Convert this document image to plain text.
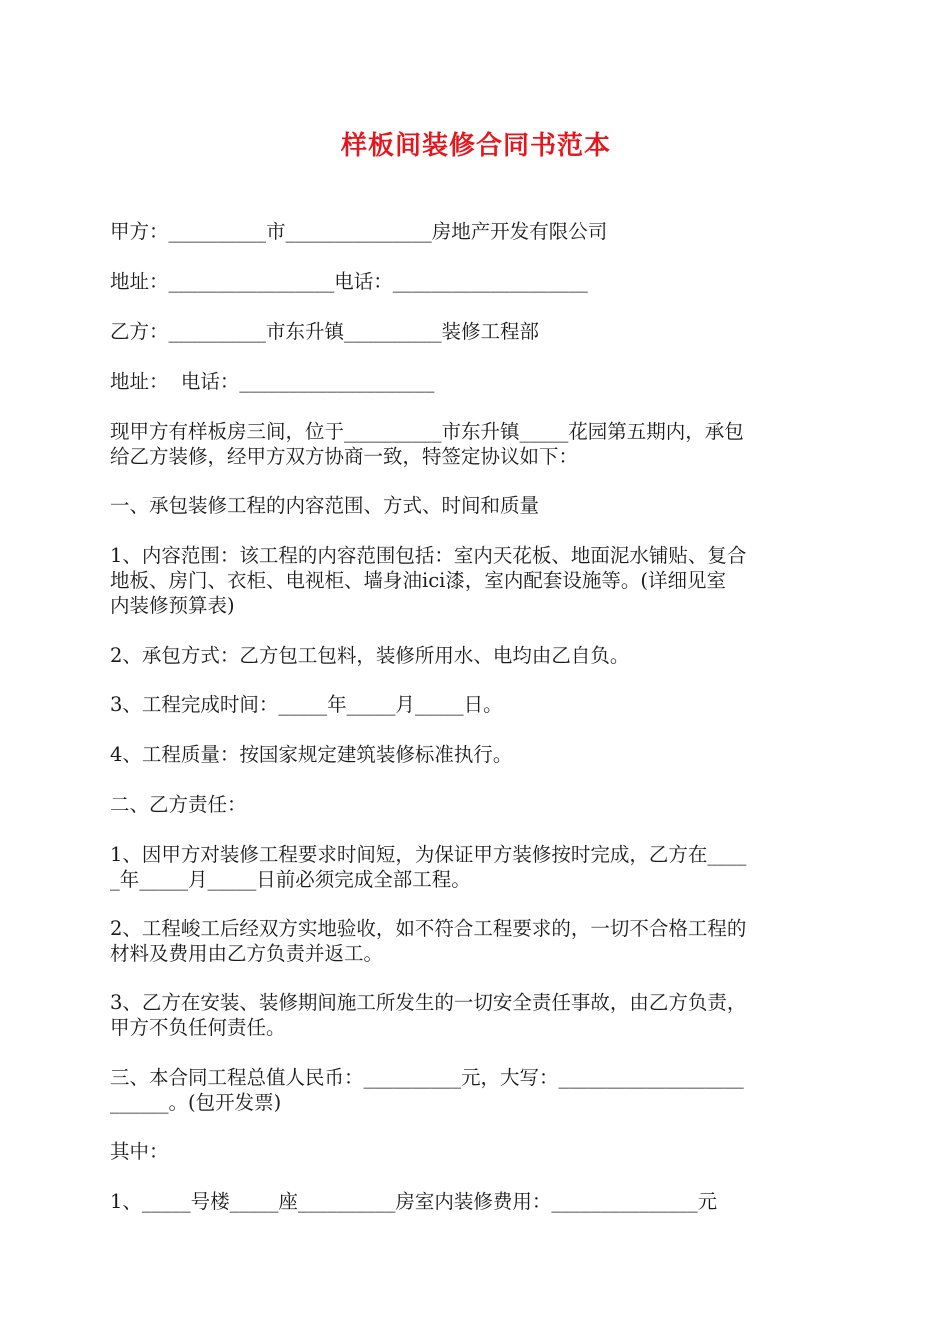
样板间装修合同书范本

甲方：__________市_______________房地产开发有限公司

地址：_________________电话：____________________

乙方：__________市东升镇__________装修工程部

地址：  电话：____________________

现甲方有样板房三间，位于__________市东升镇_____花园第五期内，承包
给乙方装修，经甲方双方协商一致，特签定协议如下：

一、承包装修工程的内容范围、方式、时间和质量

1、内容范围：该工程的内容范围包括：室内天花板、地面泥水铺贴、复合
地板、房门、衣柜、电视柜、墙身油ici漆，室内配套设施等。(详细见室
内装修预算表)

2、承包方式：乙方包工包料，装修所用水、电均由乙自负。

3、工程完成时间：_____年_____月_____日。

4、工程质量：按国家规定建筑装修标准执行。

二、乙方责任：

1、因甲方对装修工程要求时间短，为保证甲方装修按时完成，乙方在____
_年_____月_____日前必须完成全部工程。

2、工程峻工后经双方实地验收，如不符合工程要求的，一切不合格工程的
材料及费用由乙方负责并返工。

3、乙方在安装、装修期间施工所发生的一切安全责任事故，由乙方负责，
甲方不负任何责任。

三、本合同工程总值人民币：__________元，大写：___________________
______。(包开发票)

其中：

1、_____号楼_____座__________房室内装修费用：_______________元
